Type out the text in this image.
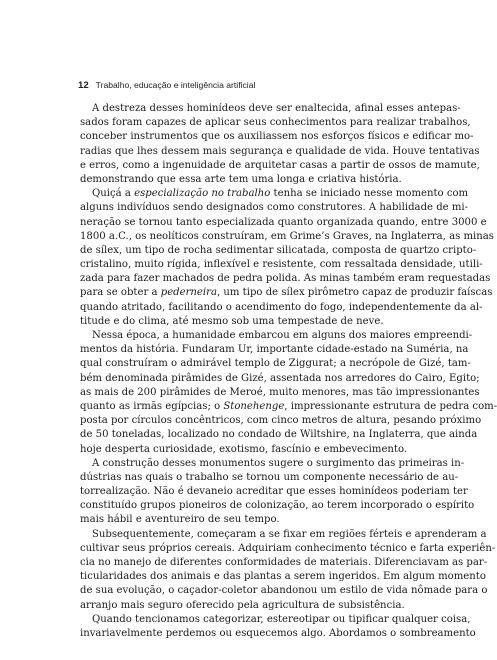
12 Trabalho, educação e inteligência artificial
A destreza desses hominídeos deve ser enaltecida, afinal esses antepas-
sados foram capazes de aplicar seus conhecimentos para realizar trabalhos,
conceber instrumentos que os auxiliassem nos esforços físicos e edificar mo-
radias que lhes dessem mais segurança e qualidade de vida. Houve tentativas
e erros, como a ingenuidade de arquitetar casas a partir de ossos de mamute,
demonstrando que essa arte tem uma longa e criativa história.
Quiçá a especialização no trabalho tenha se iniciado nesse momento com
alguns indivíduos sendo designados como construtores. A habilidade de mi-
neração se tornou tanto especializada quanto organizada quando, entre 3000 e
1800 a.C., os neolíticos construíram, em Grime’s Graves, na Inglaterra, as minas
de sílex, um tipo de rocha sedimentar silicatada, composta de quartzo cripto-
cristalino, muito rígida, inflexível e resistente, com ressaltada densidade, utili-
zada para fazer machados de pedra polida. As minas também eram requestadas
para se obter a pederneira, um tipo de sílex pirômetro capaz de produzir faíscas
quando atritado, facilitando o acendimento do fogo, independentemente da al-
titude e do clima, até mesmo sob uma tempestade de neve.
Nessa época, a humanidade embarcou em alguns dos maiores empreendi-
mentos da história. Fundaram Ur, importante cidade-estado na Suméria, na
qual construíram o admirável templo de Ziggurat; a necrópole de Gizé, tam-
bém denominada pirâmides de Gizé, assentada nos arredores do Cairo, Egito;
as mais de 200 pirâmides de Meroé, muito menores, mas tão impressionantes
quanto as irmãs egípcias; o Stonehenge, impressionante estrutura de pedra com-
posta por círculos concêntricos, com cinco metros de altura, pesando próximo
de 50 toneladas, localizado no condado de Wiltshire, na Inglaterra, que ainda
hoje desperta curiosidade, exotismo, fascínio e embevecimento.
A construção desses monumentos sugere o surgimento das primeiras in-
dústrias nas quais o trabalho se tornou um componente necessário de au-
torrealização. Não é devaneio acreditar que esses hominídeos poderiam ter
constituído grupos pioneiros de colonização, ao terem incorporado o espírito
mais hábil e aventureiro de seu tempo.
Subsequentemente, começaram a se fixar em regiões férteis e aprenderam a
cultivar seus próprios cereais. Adquiriam conhecimento técnico e farta experiên-
cia no manejo de diferentes conformidades de materiais. Diferenciavam as par-
ticularidades dos animais e das plantas a serem ingeridos. Em algum momento
de sua evolução, o caçador-coletor abandonou um estilo de vida nômade para o
arranjo mais seguro oferecido pela agricultura de subsistência.
Quando tencionamos categorizar, estereotipar ou tipificar qualquer coisa,
invariavelmente perdemos ou esquecemos algo. Abordamos o sombreamento
